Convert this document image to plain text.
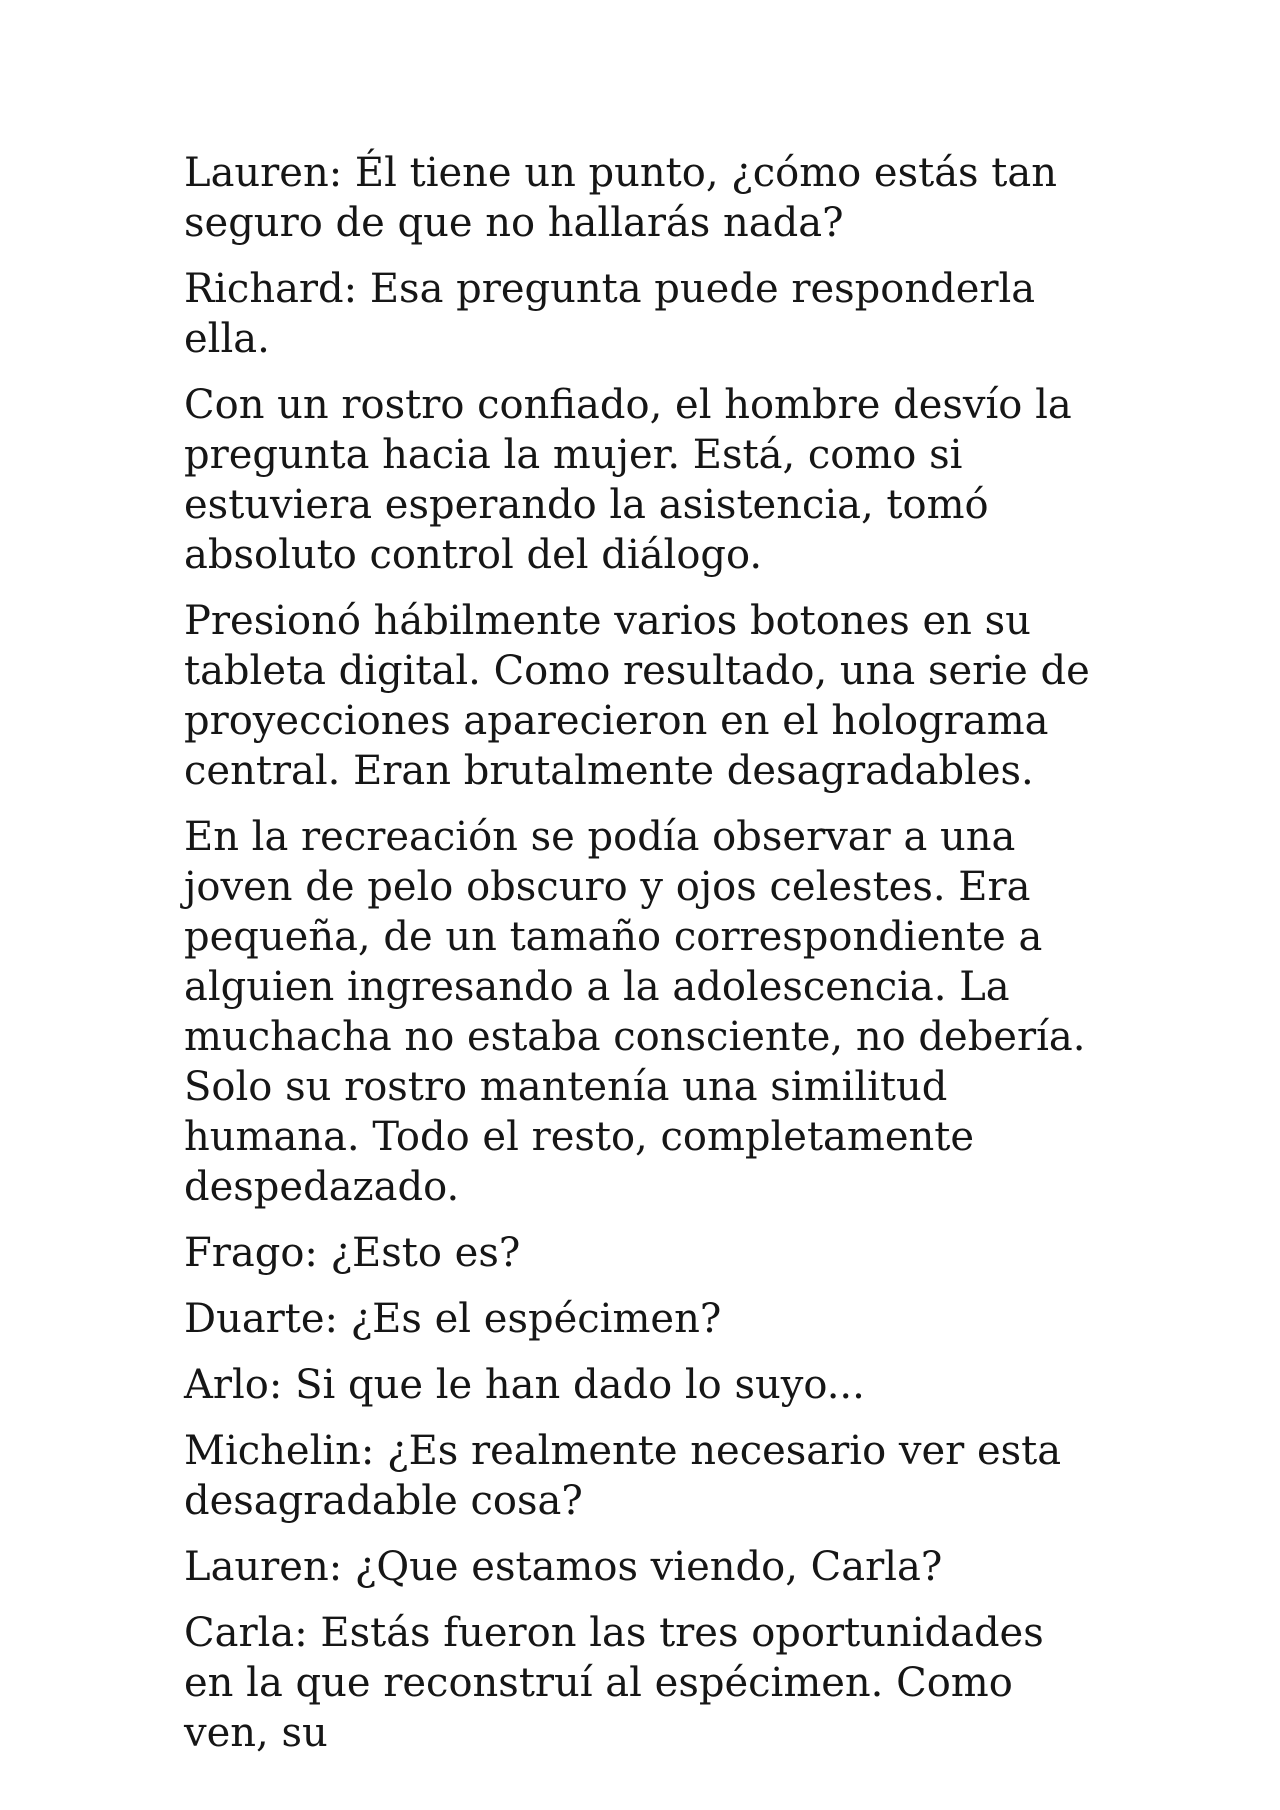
Lauren: Él tiene un punto, ¿cómo estás tan seguro de que no hallarás nada?

Richard: Esa pregunta puede responderla ella.

Con un rostro confiado, el hombre desvío la pregunta hacia la mujer. Está, como si estuviera esperando la asistencia, tomó absoluto control del diálogo.

Presionó hábilmente varios botones en su tableta digital. Como resultado, una serie de proyecciones aparecieron en el holograma central. Eran brutalmente desagradables.

En la recreación se podía observar a una joven de pelo obscuro y ojos celestes. Era pequeña, de un tamaño correspondiente a alguien ingresando a la adolescencia. La muchacha no estaba consciente, no debería. Solo su rostro mantenía una similitud humana. Todo el resto, completamente despedazado.

Frago: ¿Esto es?

Duarte: ¿Es el espécimen?

Arlo: Si que le han dado lo suyo...

Michelin: ¿Es realmente necesario ver esta desagradable cosa?

Lauren: ¿Que estamos viendo, Carla?

Carla: Estás fueron las tres oportunidades en la que reconstruí al espécimen. Como ven, su
